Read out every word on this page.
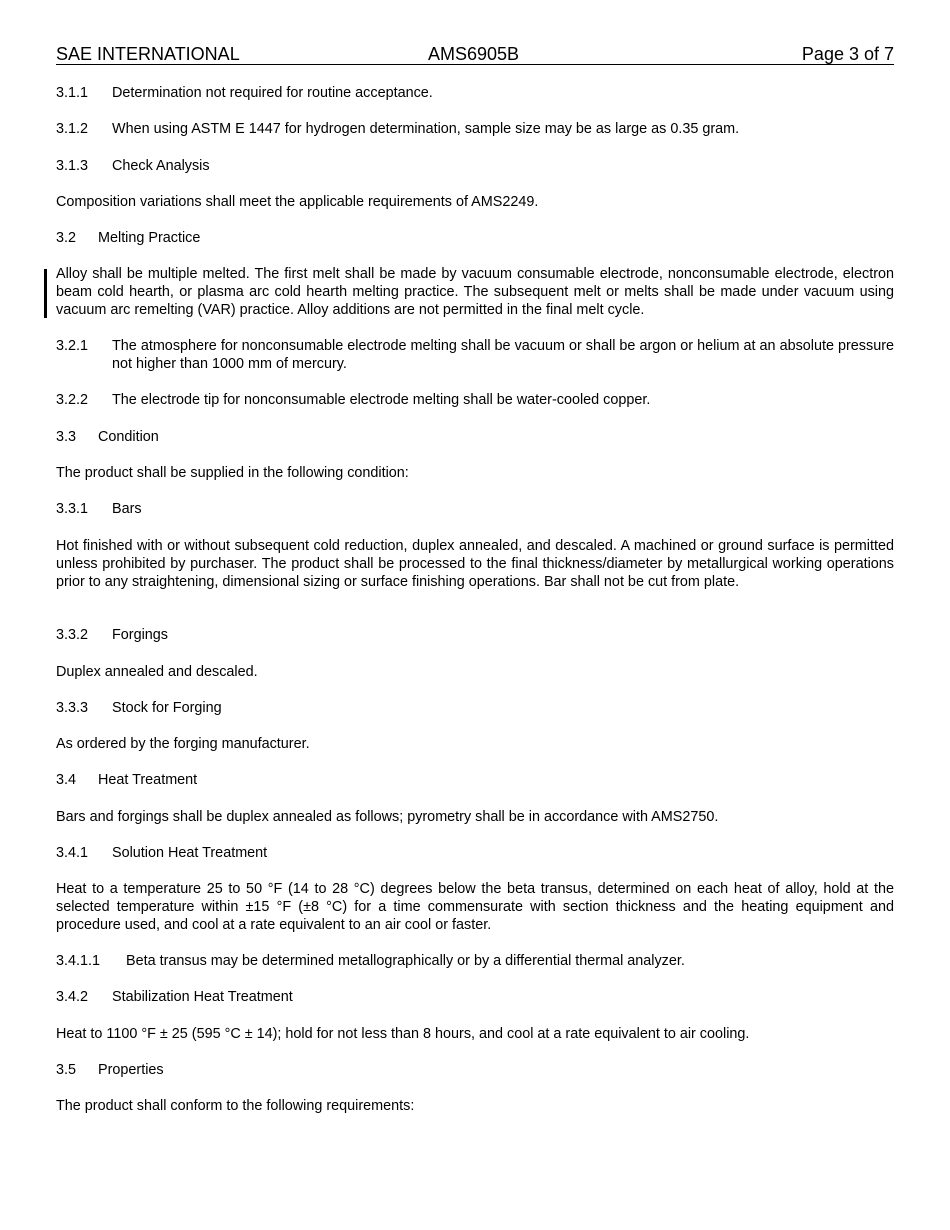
SAE INTERNATIONAL	AMS6905B	Page 3 of 7
3.1.1	Determination not required for routine acceptance.
3.1.2	When using ASTM E 1447 for hydrogen determination, sample size may be as large as 0.35 gram.
3.1.3	Check Analysis
Composition variations shall meet the applicable requirements of AMS2249.
3.2	Melting Practice
Alloy shall be multiple melted. The first melt shall be made by vacuum consumable electrode, nonconsumable electrode, electron beam cold hearth, or plasma arc cold hearth melting practice. The subsequent melt or melts shall be made under vacuum using vacuum arc remelting (VAR) practice. Alloy additions are not permitted in the final melt cycle.
3.2.1	The atmosphere for nonconsumable electrode melting shall be vacuum or shall be argon or helium at an absolute pressure not higher than 1000 mm of mercury.
3.2.2	The electrode tip for nonconsumable electrode melting shall be water-cooled copper.
3.3	Condition
The product shall be supplied in the following condition:
3.3.1	Bars
Hot finished with or without subsequent cold reduction, duplex annealed, and descaled. A machined or ground surface is permitted unless prohibited by purchaser. The product shall be processed to the final thickness/diameter by metallurgical working operations prior to any straightening, dimensional sizing or surface finishing operations. Bar shall not be cut from plate.
3.3.2	Forgings
Duplex annealed and descaled.
3.3.3	Stock for Forging
As ordered by the forging manufacturer.
3.4	Heat Treatment
Bars and forgings shall be duplex annealed as follows; pyrometry shall be in accordance with AMS2750.
3.4.1	Solution Heat Treatment
Heat to a temperature 25 to 50 °F (14 to 28 °C) degrees below the beta transus, determined on each heat of alloy, hold at the selected temperature within ±15 °F (±8 °C) for a time commensurate with section thickness and the heating equipment and procedure used, and cool at a rate equivalent to an air cool or faster.
3.4.1.1	Beta transus may be determined metallographically or by a differential thermal analyzer.
3.4.2	Stabilization Heat Treatment
Heat to 1100 °F ± 25 (595 °C ± 14); hold for not less than 8 hours, and cool at a rate equivalent to air cooling.
3.5	Properties
The product shall conform to the following requirements:
